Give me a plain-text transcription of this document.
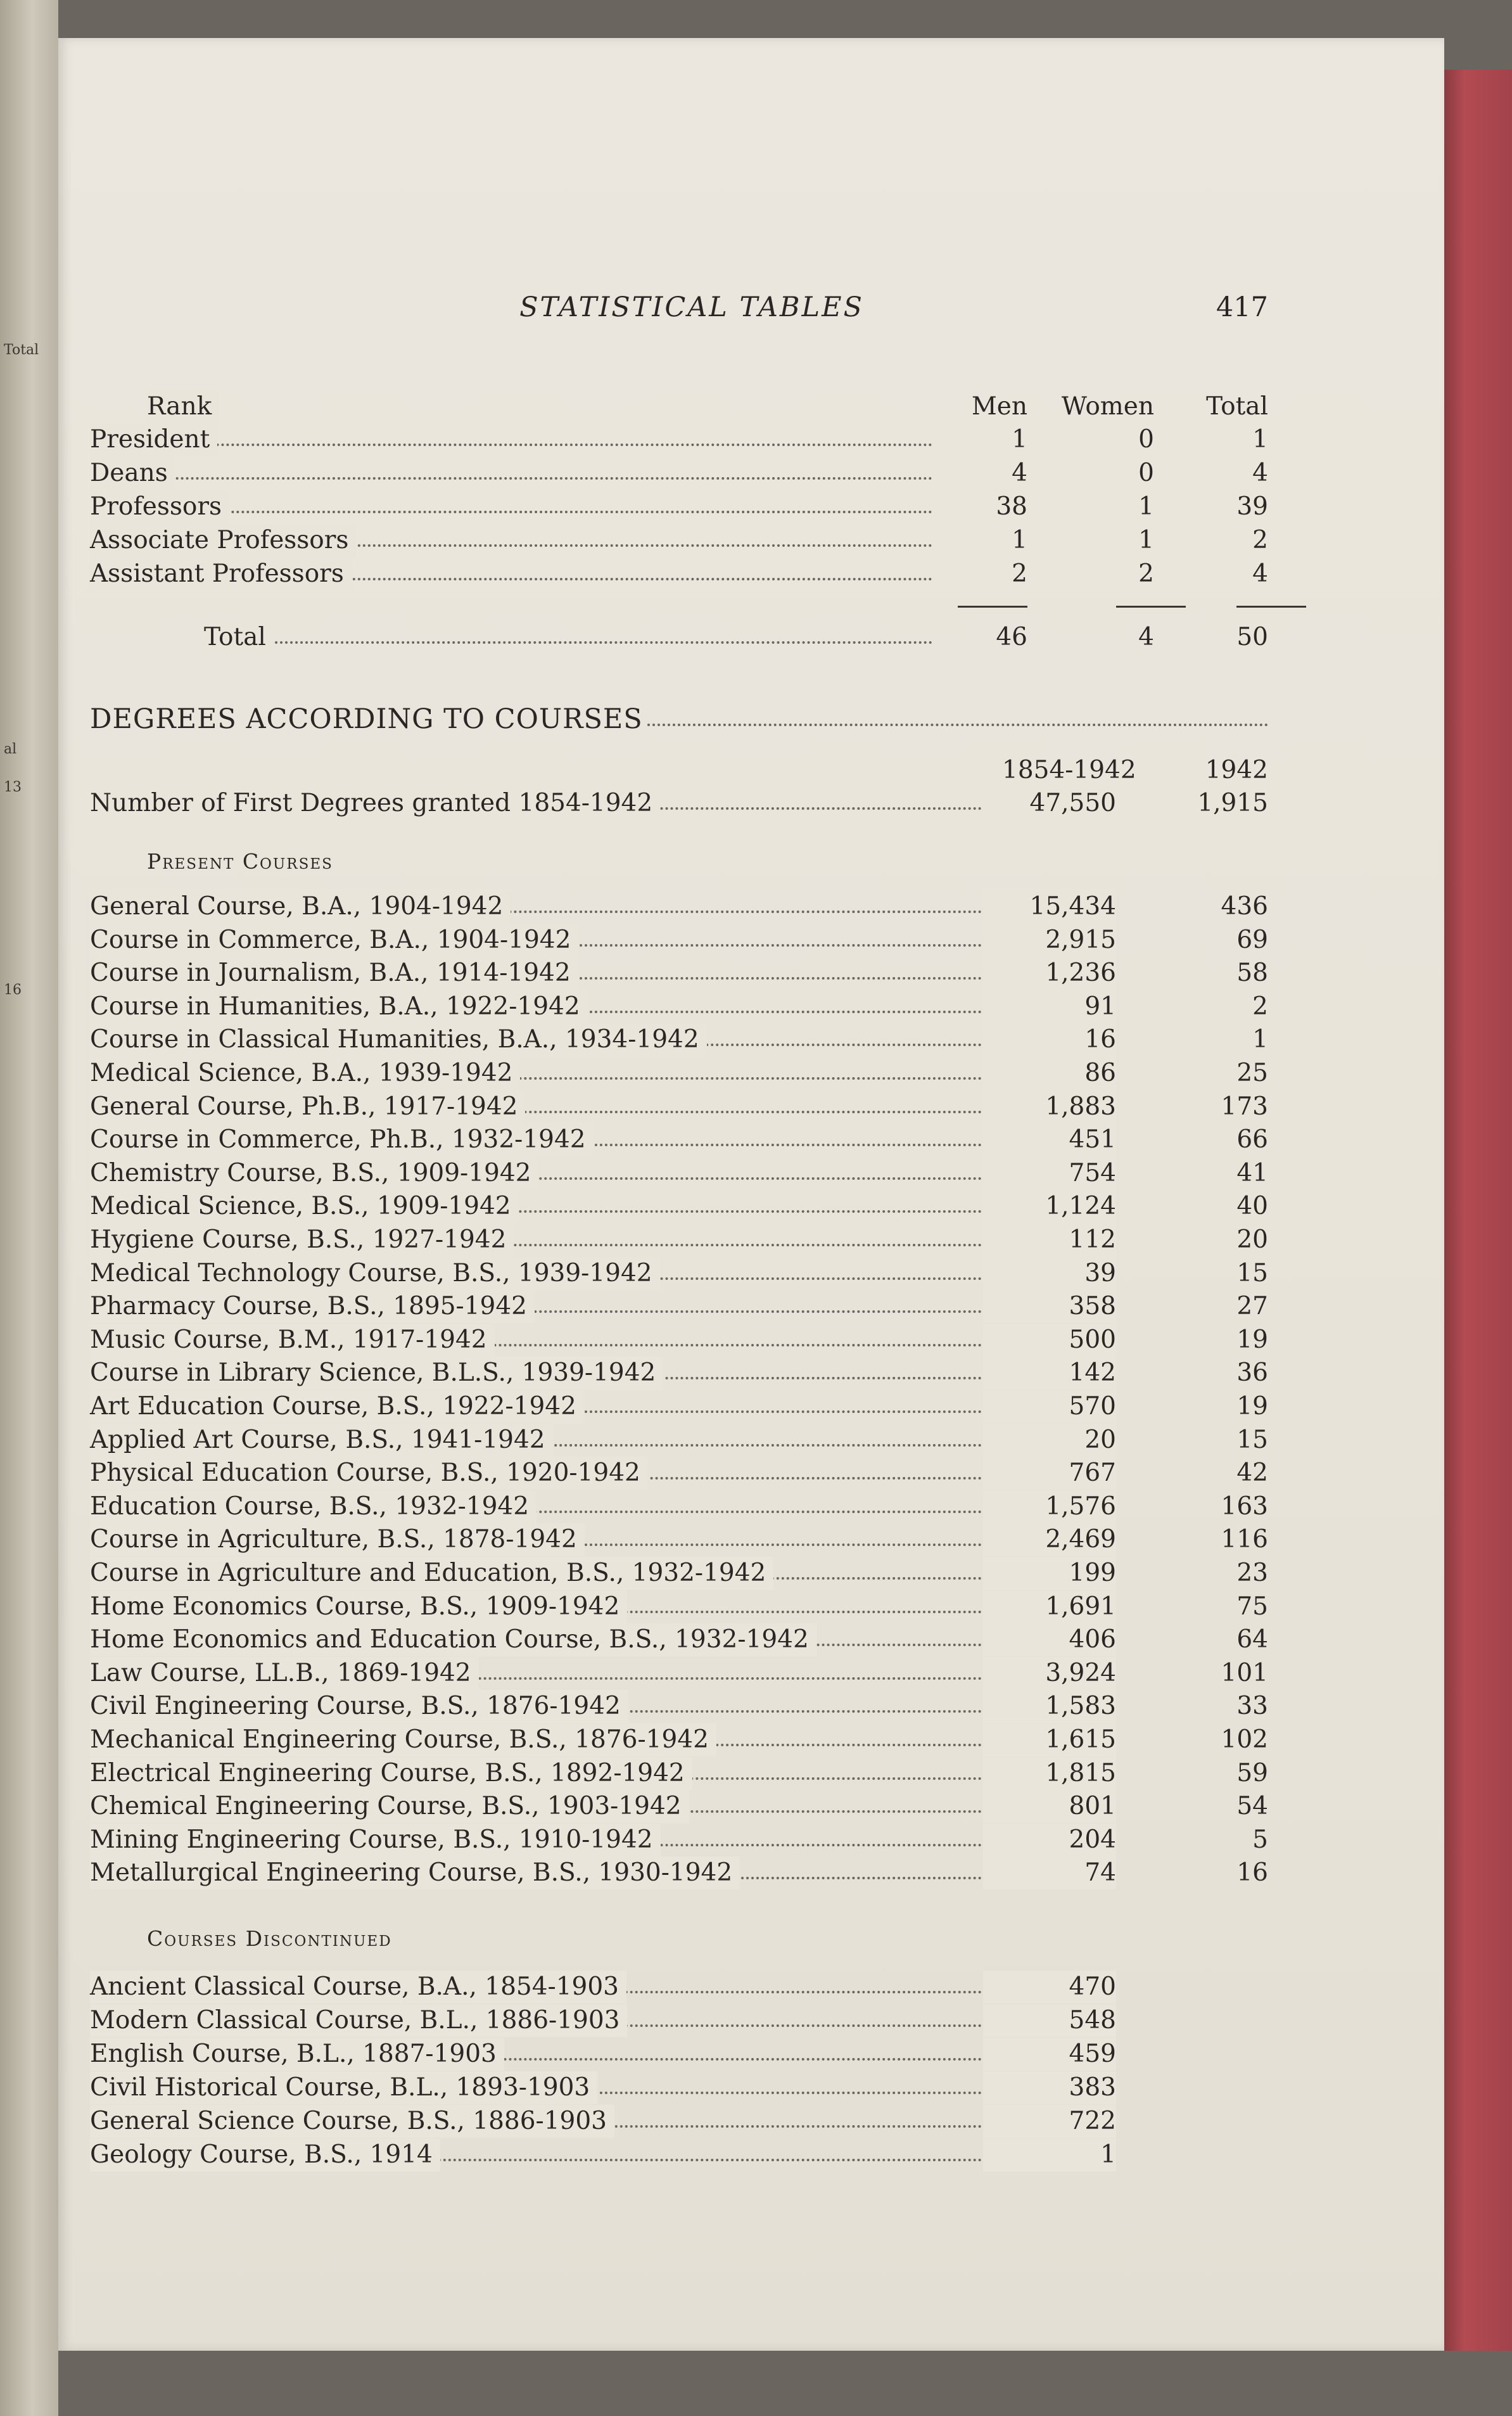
Total
al
13
16
STATISTICAL TABLES	417
Rank	Men	Women	Total
President	1	0	1
Deans	4	0	4
Professors	38	1	39
Associate Professors	1	1	2
Assistant Professors	2	2	4
Total	46	4	50
DEGREES ACCORDING TO COURSES
1854-1942	1942
Number of First Degrees granted 1854-1942	47,550	1,915
Present Courses
General Course, B.A., 1904-1942	15,434	436
Course in Commerce, B.A., 1904-1942	2,915	69
Course in Journalism, B.A., 1914-1942	1,236	58
Course in Humanities, B.A., 1922-1942	91	2
Course in Classical Humanities, B.A., 1934-1942	16	1
Medical Science, B.A., 1939-1942	86	25
General Course, Ph.B., 1917-1942	1,883	173
Course in Commerce, Ph.B., 1932-1942	451	66
Chemistry Course, B.S., 1909-1942	754	41
Medical Science, B.S., 1909-1942	1,124	40
Hygiene Course, B.S., 1927-1942	112	20
Medical Technology Course, B.S., 1939-1942	39	15
Pharmacy Course, B.S., 1895-1942	358	27
Music Course, B.M., 1917-1942	500	19
Course in Library Science, B.L.S., 1939-1942	142	36
Art Education Course, B.S., 1922-1942	570	19
Applied Art Course, B.S., 1941-1942	20	15
Physical Education Course, B.S., 1920-1942	767	42
Education Course, B.S., 1932-1942	1,576	163
Course in Agriculture, B.S., 1878-1942	2,469	116
Course in Agriculture and Education, B.S., 1932-1942	199	23
Home Economics Course, B.S., 1909-1942	1,691	75
Home Economics and Education Course, B.S., 1932-1942	406	64
Law Course, LL.B., 1869-1942	3,924	101
Civil Engineering Course, B.S., 1876-1942	1,583	33
Mechanical Engineering Course, B.S., 1876-1942	1,615	102
Electrical Engineering Course, B.S., 1892-1942	1,815	59
Chemical Engineering Course, B.S., 1903-1942	801	54
Mining Engineering Course, B.S., 1910-1942	204	5
Metallurgical Engineering Course, B.S., 1930-1942	74	16
Courses Discontinued
Ancient Classical Course, B.A., 1854-1903	470
Modern Classical Course, B.L., 1886-1903	548
English Course, B.L., 1887-1903	459
Civil Historical Course, B.L., 1893-1903	383
General Science Course, B.S., 1886-1903	722
Geology Course, B.S., 1914	1
